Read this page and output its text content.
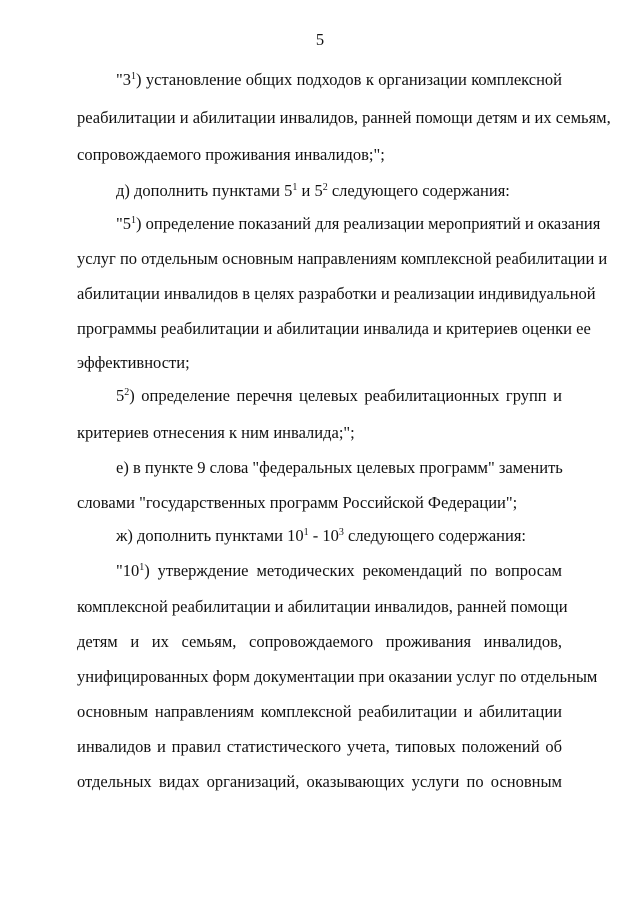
5
"$3^1$) установление общих подходов к организации комплексной
реабилитации и абилитации инвалидов, ранней помощи детям и их семьям,
сопровождаемого проживания инвалидов;";
д) дополнить пунктами $5^1$ и $5^2$ следующего содержания:
"$5^1$) определение показаний для реализации мероприятий и оказания
услуг по отдельным основным направлениям комплексной реабилитации и
абилитации инвалидов в целях разработки и реализации индивидуальной
программы реабилитации и абилитации инвалида и критериев оценки ее
эффективности;
$5^2$) определение перечня целевых реабилитационных групп и
критериев отнесения к ним инвалида;";
е) в пункте 9 слова "федеральных целевых программ" заменить
словами "государственных программ Российской Федерации";
ж) дополнить пунктами $10^1 - 10^3$ следующего содержания:
"$10^1$) утверждение методических рекомендаций по вопросам
комплексной реабилитации и абилитации инвалидов, ранней помощи
детям и их семьям, сопровождаемого проживания инвалидов,
унифицированных форм документации при оказании услуг по отдельным
основным направлениям комплексной реабилитации и абилитации
инвалидов и правил статистического учета, типовых положений об
отдельных видах организаций, оказывающих услуги по основным
